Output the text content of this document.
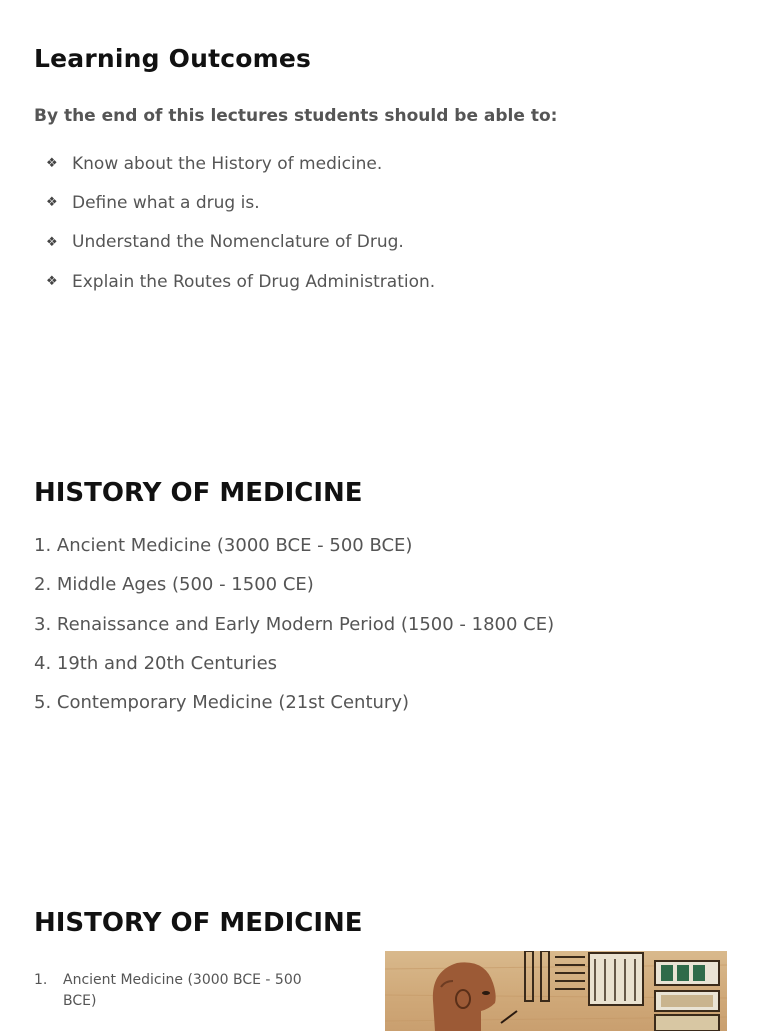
Learning Outcomes
By the end of this lectures students should be able to:
❖ Know about the History of medicine.
❖ Define what a drug is.
❖ Understand the Nomenclature of Drug.
❖ Explain the Routes of Drug Administration.
HISTORY OF MEDICINE
1. Ancient Medicine (3000 BCE - 500 BCE)
2. Middle Ages (500 - 1500 CE)
3. Renaissance and Early Modern Period (1500 - 1800 CE)
4. 19th and 20th Centuries
5. Contemporary Medicine (21st Century)
HISTORY OF MEDICINE
1.	Ancient Medicine (3000 BCE - 500 BCE)
